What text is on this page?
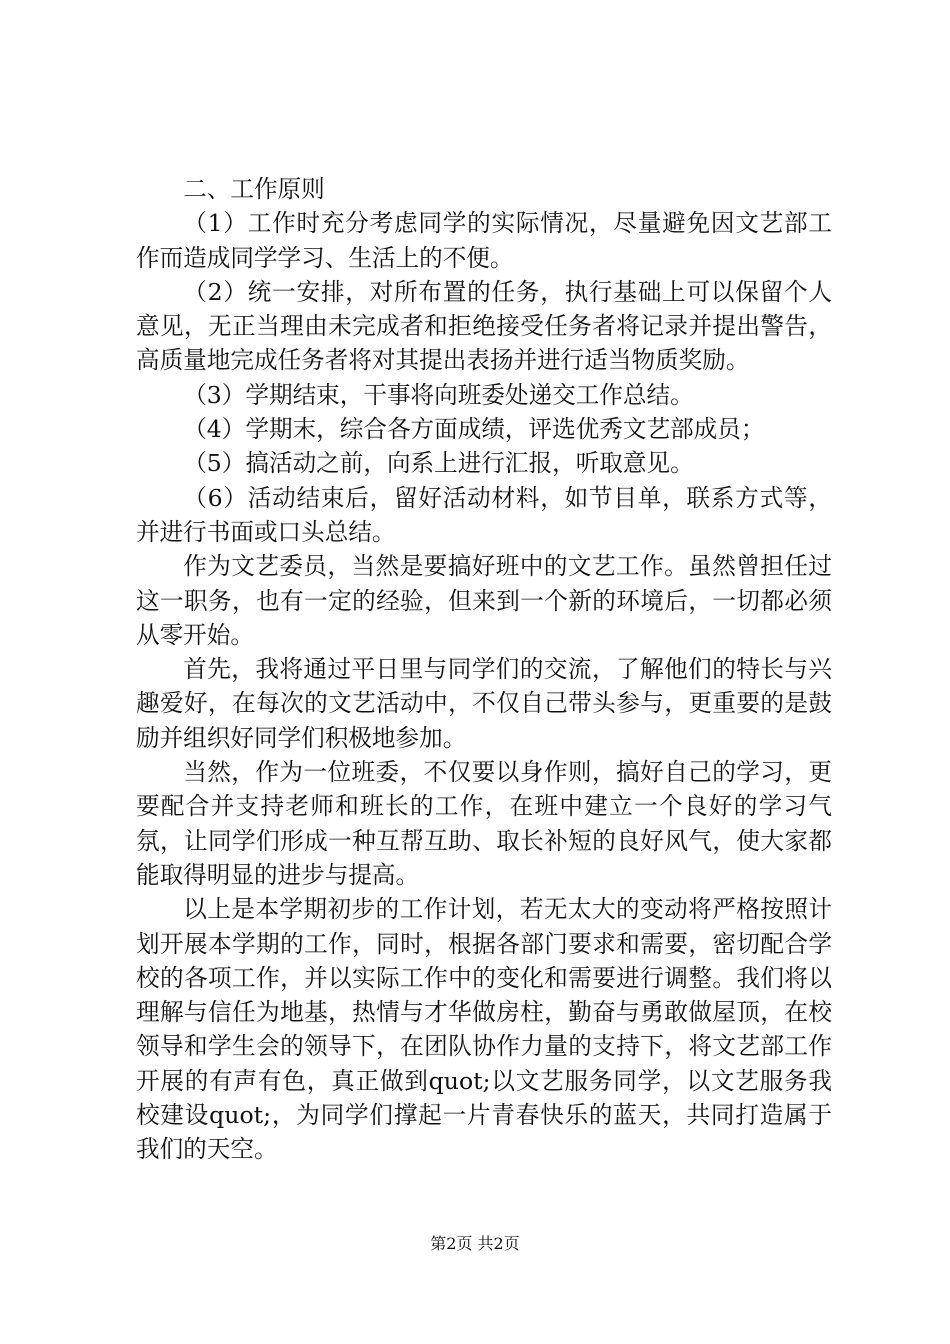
二、工作原则

（1）工作时充分考虑同学的实际情况，尽量避免因文艺部工作而造成同学学习、生活上的不便。

（2）统一安排，对所布置的任务，执行基础上可以保留个人意见，无正当理由未完成者和拒绝接受任务者将记录并提出警告，高质量地完成任务者将对其提出表扬并进行适当物质奖励。

（3）学期结束，干事将向班委处递交工作总结。

（4）学期末，综合各方面成绩，评选优秀文艺部成员；

（5）搞活动之前，向系上进行汇报，听取意见。

（6）活动结束后，留好活动材料，如节目单，联系方式等，并进行书面或口头总结。

作为文艺委员，当然是要搞好班中的文艺工作。虽然曾担任过这一职务，也有一定的经验，但来到一个新的环境后，一切都必须从零开始。

首先，我将通过平日里与同学们的交流，了解他们的特长与兴趣爱好，在每次的文艺活动中，不仅自己带头参与，更重要的是鼓励并组织好同学们积极地参加。

当然，作为一位班委，不仅要以身作则，搞好自己的学习，更要配合并支持老师和班长的工作，在班中建立一个良好的学习气氛，让同学们形成一种互帮互助、取长补短的良好风气，使大家都能取得明显的进步与提高。

以上是本学期初步的工作计划，若无太大的变动将严格按照计划开展本学期的工作，同时，根据各部门要求和需要，密切配合学校的各项工作，并以实际工作中的变化和需要进行调整。我们将以理解与信任为地基，热情与才华做房柱，勤奋与勇敢做屋顶，在校领导和学生会的领导下，在团队协作力量的支持下，将文艺部工作开展的有声有色，真正做到quot;以文艺服务同学，以文艺服务我校建设quot;，为同学们撑起一片青春快乐的蓝天，共同打造属于我们的天空。

第2页 共2页
